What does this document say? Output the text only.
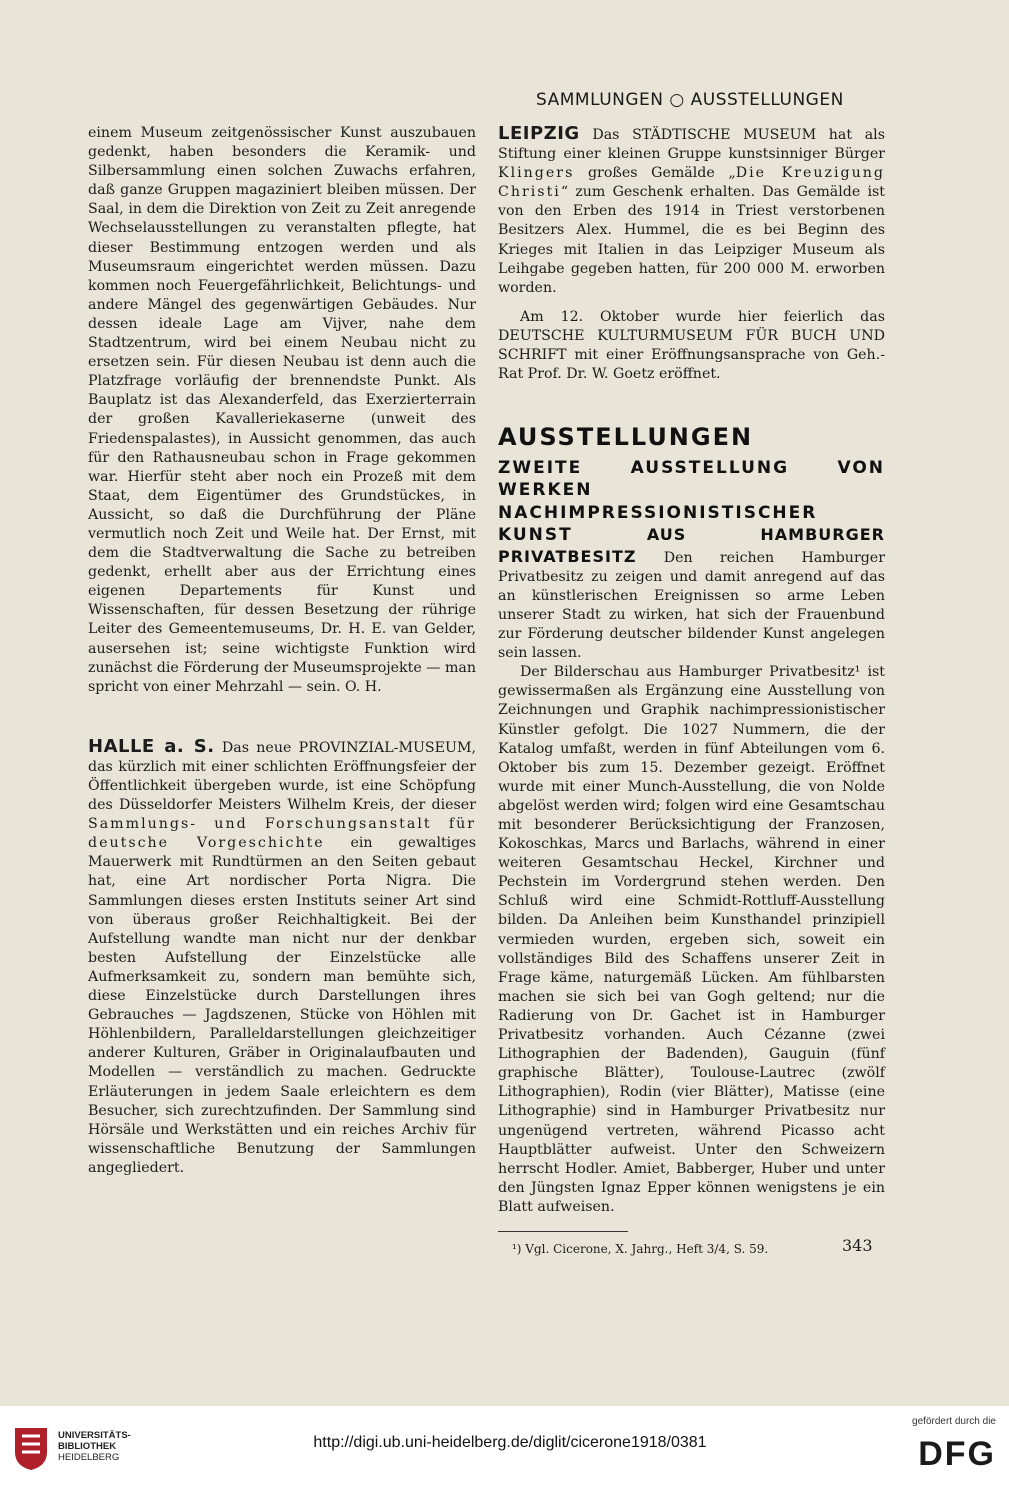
SAMMLUNGEN ○ AUSSTELLUNGEN

einem Museum zeitgenössischer Kunst auszubauen gedenkt, haben besonders die Keramik- und Silbersammlung einen solchen Zuwachs erfahren, daß ganze Gruppen magaziniert bleiben müssen. Der Saal, in dem die Direktion von Zeit zu Zeit anregende Wechselausstellungen zu veranstalten pflegte, hat dieser Bestimmung entzogen werden und als Museumsraum eingerichtet werden müssen. Dazu kommen noch Feuergefährlichkeit, Belichtungs- und andere Mängel des gegenwärtigen Gebäudes. Nur dessen ideale Lage am Vijver, nahe dem Stadtzentrum, wird bei einem Neubau nicht zu ersetzen sein. Für diesen Neubau ist denn auch die Platzfrage vorläufig der brennendste Punkt. Als Bauplatz ist das Alexanderfeld, das Exerzierterrain der großen Kavalleriekaserne (unweit des Friedenspalastes), in Aussicht genommen, das auch für den Rathausneubau schon in Frage gekommen war. Hierfür steht aber noch ein Prozeß mit dem Staat, dem Eigentümer des Grundstückes, in Aussicht, so daß die Durchführung der Pläne vermutlich noch Zeit und Weile hat. Der Ernst, mit dem die Stadtverwaltung die Sache zu betreiben gedenkt, erhellt aber aus der Errichtung eines eigenen Departements für Kunst und Wissenschaften, für dessen Besetzung der rührige Leiter des Gemeentemuseums, Dr. H. E. van Gelder, ausersehen ist; seine wichtigste Funktion wird zunächst die Förderung der Museumsprojekte — man spricht von einer Mehrzahl — sein. O. H.

HALLE a. S. Das neue PROVINZIAL-MUSEUM, das kürzlich mit einer schlichten Eröffnungsfeier der Öffentlichkeit übergeben wurde, ist eine Schöpfung des Düsseldorfer Meisters Wilhelm Kreis, der dieser Sammlungs- und Forschungsanstalt für deutsche Vorgeschichte ein gewaltiges Mauerwerk mit Rundtürmen an den Seiten gebaut hat, eine Art nordischer Porta Nigra. Die Sammlungen dieses ersten Instituts seiner Art sind von überaus großer Reichhaltigkeit. Bei der Aufstellung wandte man nicht nur der denkbar besten Aufstellung der Einzelstücke alle Aufmerksamkeit zu, sondern man bemühte sich, diese Einzelstücke durch Darstellungen ihres Gebrauches — Jagdszenen, Stücke von Höhlen mit Höhlenbildern, Paralleldarstellungen gleichzeitiger anderer Kulturen, Gräber in Originalaufbauten und Modellen — verständlich zu machen. Gedruckte Erläuterungen in jedem Saale erleichtern es dem Besucher, sich zurechtzufinden. Der Sammlung sind Hörsäle und Werkstätten und ein reiches Archiv für wissenschaftliche Benutzung der Sammlungen angegliedert.

LEIPZIG Das STÄDTISCHE MUSEUM hat als Stiftung einer kleinen Gruppe kunstsinniger Bürger Klingers großes Gemälde „Die Kreuzigung Christi“ zum Geschenk erhalten. Das Gemälde ist von den Erben des 1914 in Triest verstorbenen Besitzers Alex. Hummel, die es bei Beginn des Krieges mit Italien in das Leipziger Museum als Leihgabe gegeben hatten, für 200 000 M. erworben worden.

Am 12. Oktober wurde hier feierlich das DEUTSCHE KULTURMUSEUM FÜR BUCH UND SCHRIFT mit einer Eröffnungsansprache von Geh.-Rat Prof. Dr. W. Goetz eröffnet.

AUSSTELLUNGEN

ZWEITE AUSSTELLUNG VON WERKEN NACHIMPRESSIONISTISCHER KUNST AUS HAMBURGER PRIVATBESITZ Den reichen Hamburger Privatbesitz zu zeigen und damit anregend auf das an künstlerischen Ereignissen so arme Leben unserer Stadt zu wirken, hat sich der Frauenbund zur Förderung deutscher bildender Kunst angelegen sein lassen.

Der Bilderschau aus Hamburger Privatbesitz¹ ist gewissermaßen als Ergänzung eine Ausstellung von Zeichnungen und Graphik nachimpressionistischer Künstler gefolgt. Die 1027 Nummern, die der Katalog umfaßt, werden in fünf Abteilungen vom 6. Oktober bis zum 15. Dezember gezeigt. Eröffnet wurde mit einer Munch-Ausstellung, die von Nolde abgelöst werden wird; folgen wird eine Gesamtschau mit besonderer Berücksichtigung der Franzosen, Kokoschkas, Marcs und Barlachs, während in einer weiteren Gesamtschau Heckel, Kirchner und Pechstein im Vordergrund stehen werden. Den Schluß wird eine Schmidt-Rottluff-Ausstellung bilden. Da Anleihen beim Kunsthandel prinzipiell vermieden wurden, ergeben sich, soweit ein vollständiges Bild des Schaffens unserer Zeit in Frage käme, naturgemäß Lücken. Am fühlbarsten machen sie sich bei van Gogh geltend; nur die Radierung von Dr. Gachet ist in Hamburger Privatbesitz vorhanden. Auch Cézanne (zwei Lithographien der Badenden), Gauguin (fünf graphische Blätter), Toulouse-Lautrec (zwölf Lithographien), Rodin (vier Blätter), Matisse (eine Lithographie) sind in Hamburger Privatbesitz nur ungenügend vertreten, während Picasso acht Hauptblätter aufweist. Unter den Schweizern herrscht Hodler. Amiet, Babberger, Huber und unter den Jüngsten Ignaz Epper können wenigstens je ein Blatt aufweisen.

¹) Vgl. Cicerone, X. Jahrg., Heft 3/4, S. 59.	343
UNIVERSITÄTS-
BIBLIOTHEK
HEIDELBERG
http://digi.ub.uni-heidelberg.de/diglit/cicerone1918/0381
gefördert durch die
DFG
